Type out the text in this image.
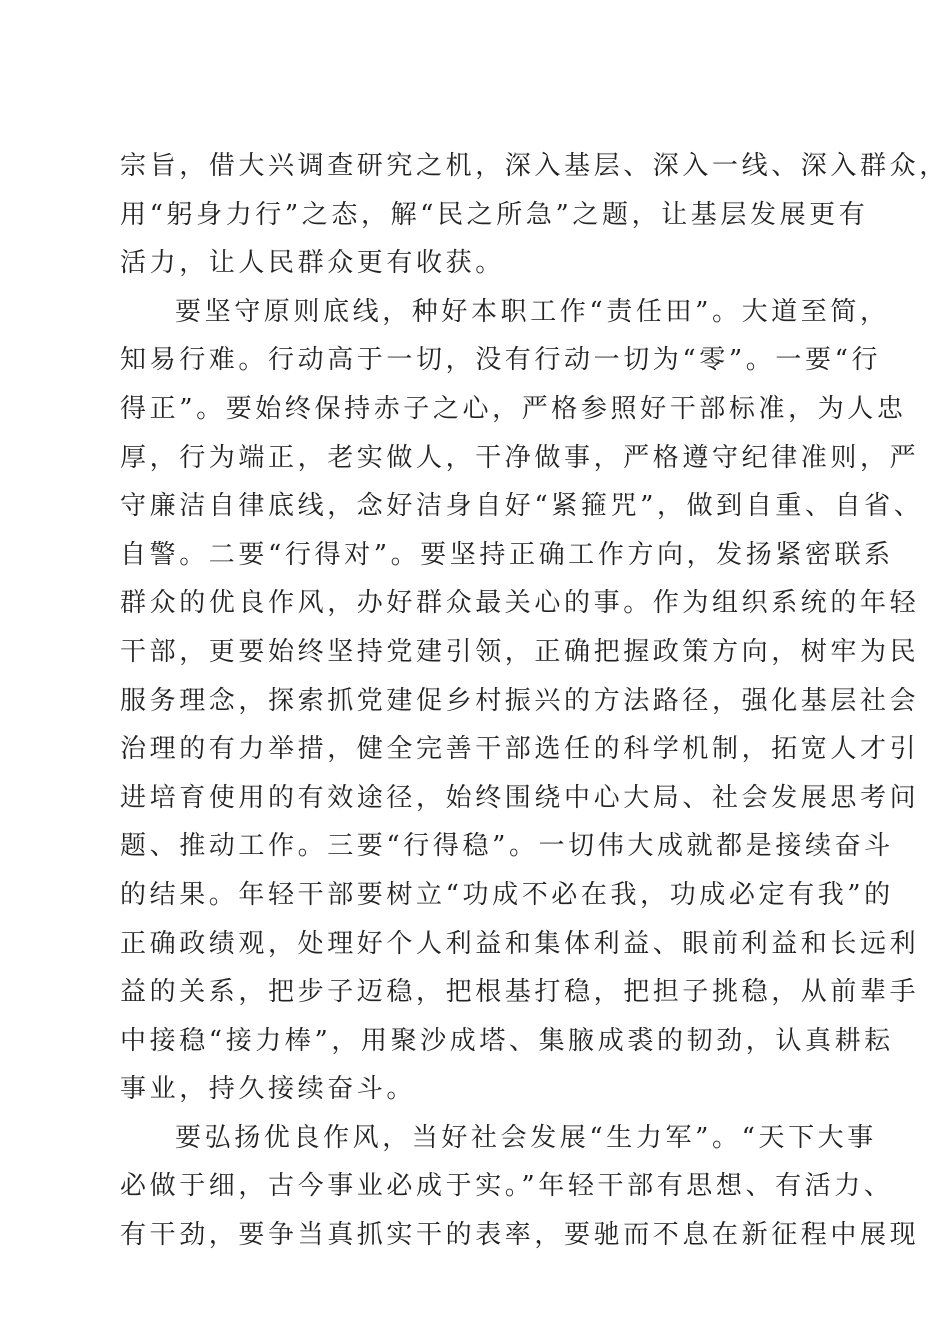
宗旨，借大兴调查研究之机，深入基层、深入一线、深入群众，
用“躬身力行”之态，解“民之所急”之题，让基层发展更有
活力，让人民群众更有收获。
要坚守原则底线，种好本职工作“责任田”。大道至简，
知易行难。行动高于一切，没有行动一切为“零”。一要“行
得正”。要始终保持赤子之心，严格参照好干部标准，为人忠
厚，行为端正，老实做人，干净做事，严格遵守纪律准则，严
守廉洁自律底线，念好洁身自好“紧箍咒”，做到自重、自省、
自警。二要“行得对”。要坚持正确工作方向，发扬紧密联系
群众的优良作风，办好群众最关心的事。作为组织系统的年轻
干部，更要始终坚持党建引领，正确把握政策方向，树牢为民
服务理念，探索抓党建促乡村振兴的方法路径，强化基层社会
治理的有力举措，健全完善干部选任的科学机制，拓宽人才引
进培育使用的有效途径，始终围绕中心大局、社会发展思考问
题、推动工作。三要“行得稳”。一切伟大成就都是接续奋斗
的结果。年轻干部要树立“功成不必在我，功成必定有我”的
正确政绩观，处理好个人利益和集体利益、眼前利益和长远利
益的关系，把步子迈稳，把根基打稳，把担子挑稳，从前辈手
中接稳“接力棒”，用聚沙成塔、集腋成裘的韧劲，认真耕耘
事业，持久接续奋斗。
要弘扬优良作风，当好社会发展“生力军”。“天下大事
必做于细，古今事业必成于实。”年轻干部有思想、有活力、
有干劲，要争当真抓实干的表率，要驰而不息在新征程中展现
